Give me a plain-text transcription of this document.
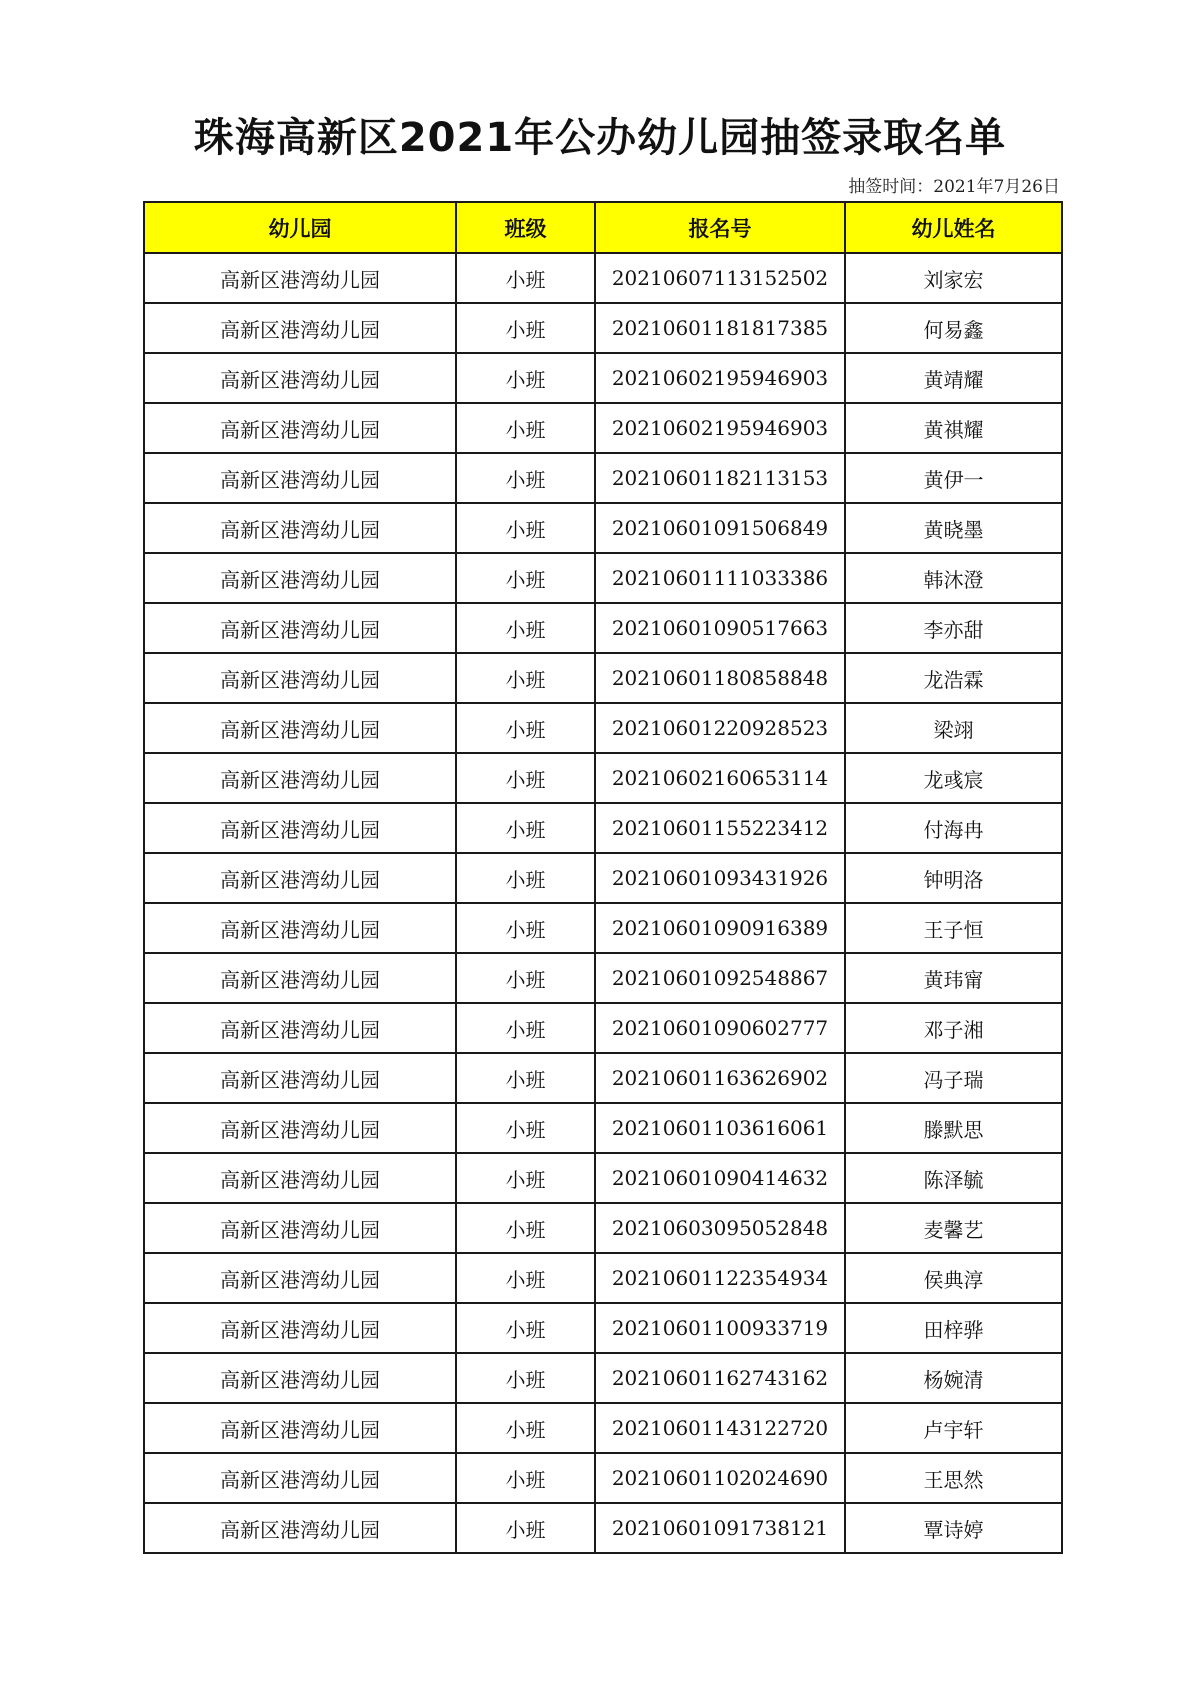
珠海高新区2021年公办幼儿园抽签录取名单
抽签时间：2021年7月26日
幼儿园	班级	报名号	幼儿姓名
高新区港湾幼儿园	小班	20210607113152502	刘家宏
高新区港湾幼儿园	小班	20210601181817385	何易鑫
高新区港湾幼儿园	小班	20210602195946903	黄靖耀
高新区港湾幼儿园	小班	20210602195946903	黄祺耀
高新区港湾幼儿园	小班	20210601182113153	黄伊一
高新区港湾幼儿园	小班	20210601091506849	黄晓墨
高新区港湾幼儿园	小班	20210601111033386	韩沐澄
高新区港湾幼儿园	小班	20210601090517663	李亦甜
高新区港湾幼儿园	小班	20210601180858848	龙浩霖
高新区港湾幼儿园	小班	20210601220928523	梁翊
高新区港湾幼儿园	小班	20210602160653114	龙彧宸
高新区港湾幼儿园	小班	20210601155223412	付海冉
高新区港湾幼儿园	小班	20210601093431926	钟明洛
高新区港湾幼儿园	小班	20210601090916389	王子恒
高新区港湾幼儿园	小班	20210601092548867	黄玮甯
高新区港湾幼儿园	小班	20210601090602777	邓子湘
高新区港湾幼儿园	小班	20210601163626902	冯子瑞
高新区港湾幼儿园	小班	20210601103616061	滕默思
高新区港湾幼儿园	小班	20210601090414632	陈泽毓
高新区港湾幼儿园	小班	20210603095052848	麦馨艺
高新区港湾幼儿园	小班	20210601122354934	侯典淳
高新区港湾幼儿园	小班	20210601100933719	田梓骅
高新区港湾幼儿园	小班	20210601162743162	杨婉清
高新区港湾幼儿园	小班	20210601143122720	卢宇轩
高新区港湾幼儿园	小班	20210601102024690	王思然
高新区港湾幼儿园	小班	20210601091738121	覃诗婷
